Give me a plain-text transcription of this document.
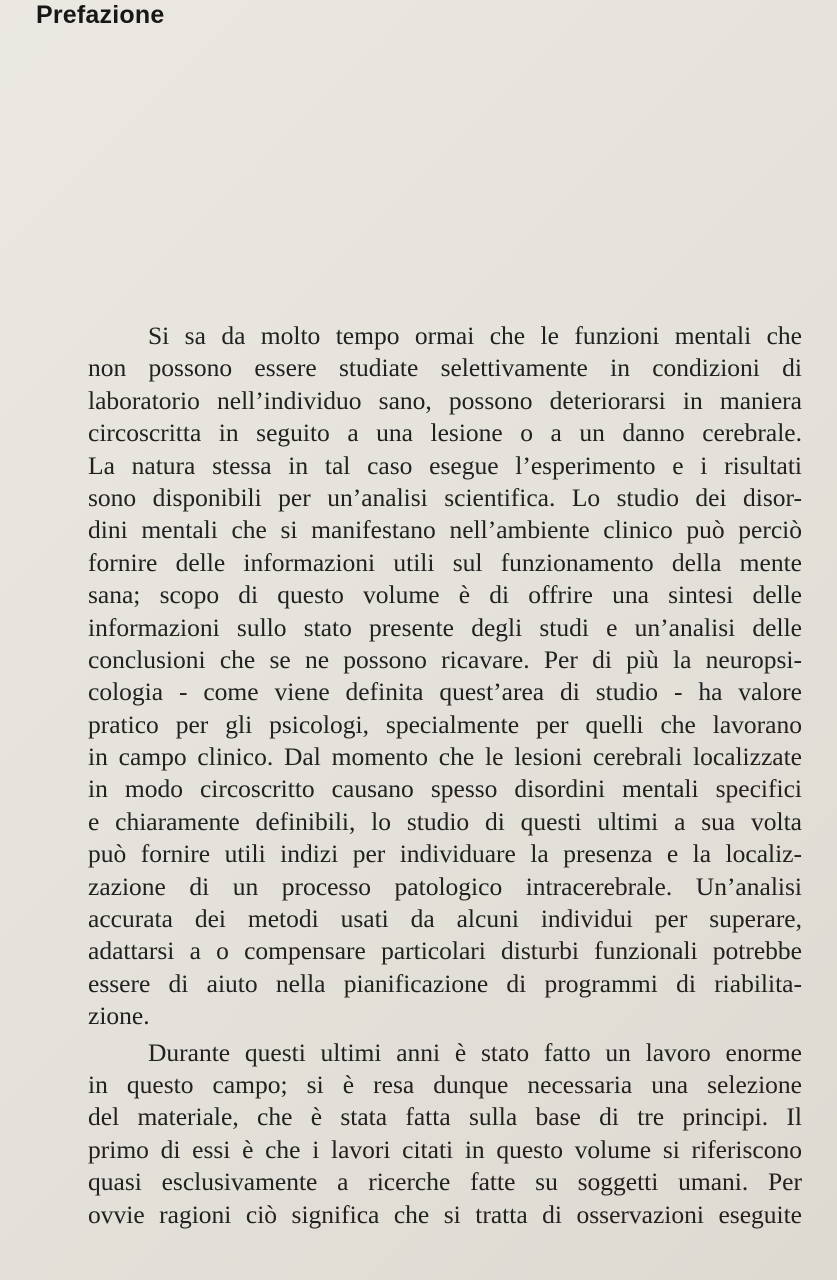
Prefazione
Si sa da molto tempo ormai che le funzioni mentali che
non possono essere studiate selettivamente in condizioni di
laboratorio nell’individuo sano, possono deteriorarsi in maniera
circoscritta in seguito a una lesione o a un danno cerebrale.
La natura stessa in tal caso esegue l’esperimento e i risultati
sono disponibili per un’analisi scientifica. Lo studio dei disor-
dini mentali che si manifestano nell’ambiente clinico può perciò
fornire delle informazioni utili sul funzionamento della mente
sana; scopo di questo volume è di offrire una sintesi delle
informazioni sullo stato presente degli studi e un’analisi delle
conclusioni che se ne possono ricavare. Per di più la neuropsi-
cologia - come viene definita quest’area di studio - ha valore
pratico per gli psicologi, specialmente per quelli che lavorano
in campo clinico. Dal momento che le lesioni cerebrali localizzate
in modo circoscritto causano spesso disordini mentali specifici
e chiaramente definibili, lo studio di questi ultimi a sua volta
può fornire utili indizi per individuare la presenza e la localiz-
zazione di un processo patologico intracerebrale. Un’analisi
accurata dei metodi usati da alcuni individui per superare,
adattarsi a o compensare particolari disturbi funzionali potrebbe
essere di aiuto nella pianificazione di programmi di riabilita-
zione.
Durante questi ultimi anni è stato fatto un lavoro enorme
in questo campo; si è resa dunque necessaria una selezione
del materiale, che è stata fatta sulla base di tre principi. Il
primo di essi è che i lavori citati in questo volume si riferiscono
quasi esclusivamente a ricerche fatte su soggetti umani. Per
ovvie ragioni ciò significa che si tratta di osservazioni eseguite
